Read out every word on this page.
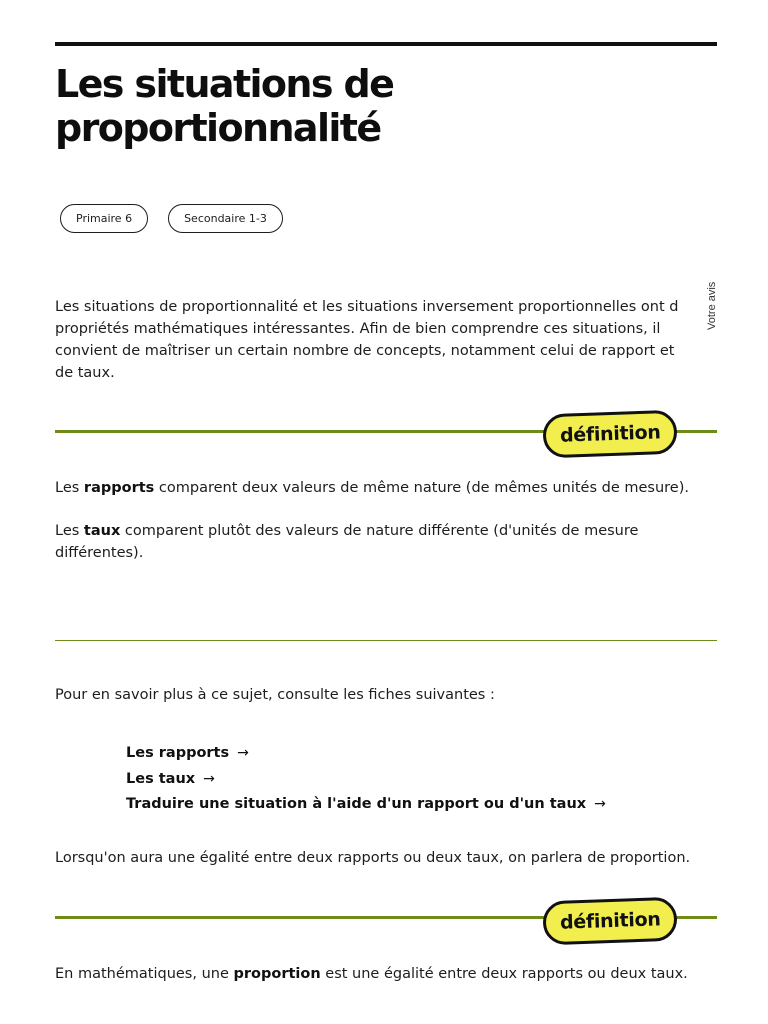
Les situations de
proportionnalité
Primaire 6	Secondaire 1-3
Votre avis

Les situations de proportionnalité et les situations inversement proportionnelles ont d
propriétés mathématiques intéressantes. Afin de bien comprendre ces situations, il
convient de maîtriser un certain nombre de concepts, notamment celui de rapport et
de taux.

définition

Les rapports comparent deux valeurs de même nature (de mêmes unités de mesure).

Les taux comparent plutôt des valeurs de nature différente (d'unités de mesure
différentes).

Pour en savoir plus à ce sujet, consulte les fiches suivantes :

Les rapports →
Les taux →
Traduire une situation à l'aide d'un rapport ou d'un taux →

Lorsqu'on aura une égalité entre deux rapports ou deux taux, on parlera de proportion.

définition

En mathématiques, une proportion est une égalité entre deux rapports ou deux taux.
